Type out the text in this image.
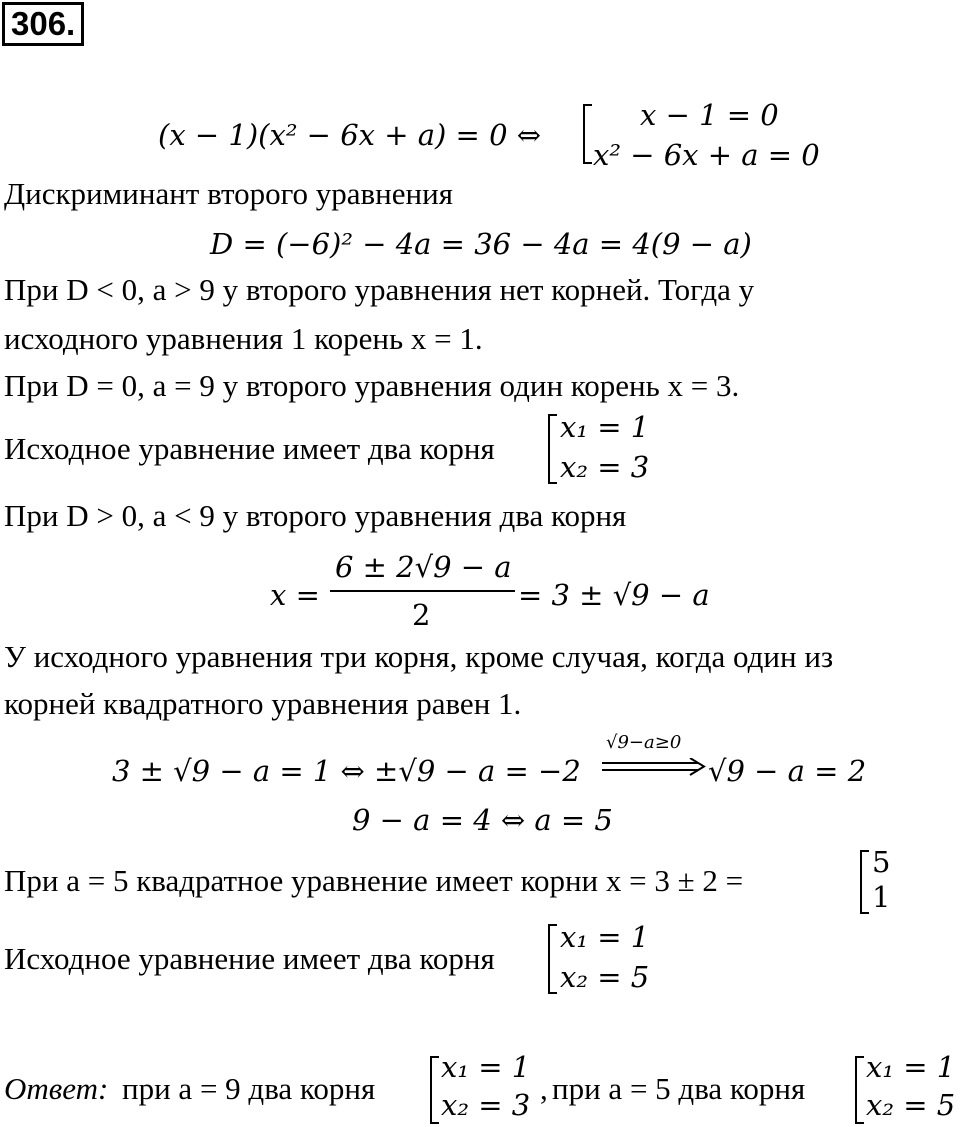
306.
(x − 1)(x² − 6x + a) = 0 ⇔
x − 1 = 0
x² − 6x + a = 0
Дискриминант второго уравнения
D = (−6)² − 4a = 36 − 4a = 4(9 − a)
При D < 0, a > 9 у второго уравнения нет корней. Тогда у
исходного уравнения 1 корень x = 1.
При D = 0, a = 9 у второго уравнения один корень x = 3.
Исходное уравнение имеет два корня
x₁ = 1
x₂ = 3
При D > 0, a < 9 у второго уравнения два корня
x =
6 ± 2√9 − a
2
= 3 ± √9 − a
У исходного уравнения три корня, кроме случая, когда один из
корней квадратного уравнения равен 1.
3 ± √9 − a = 1 ⇔ ±√9 − a = −2
√9−a≥0
√9 − a = 2
9 − a = 4 ⇔ a = 5
При a = 5 квадратное уравнение имеет корни x = 3 ± 2 =
5
1
Исходное уравнение имеет два корня
x₁ = 1
x₂ = 5
Ответ: при a = 9 два корня
x₁ = 1
x₂ = 3 , при a = 5 два корня
x₁ = 1
x₂ = 5
